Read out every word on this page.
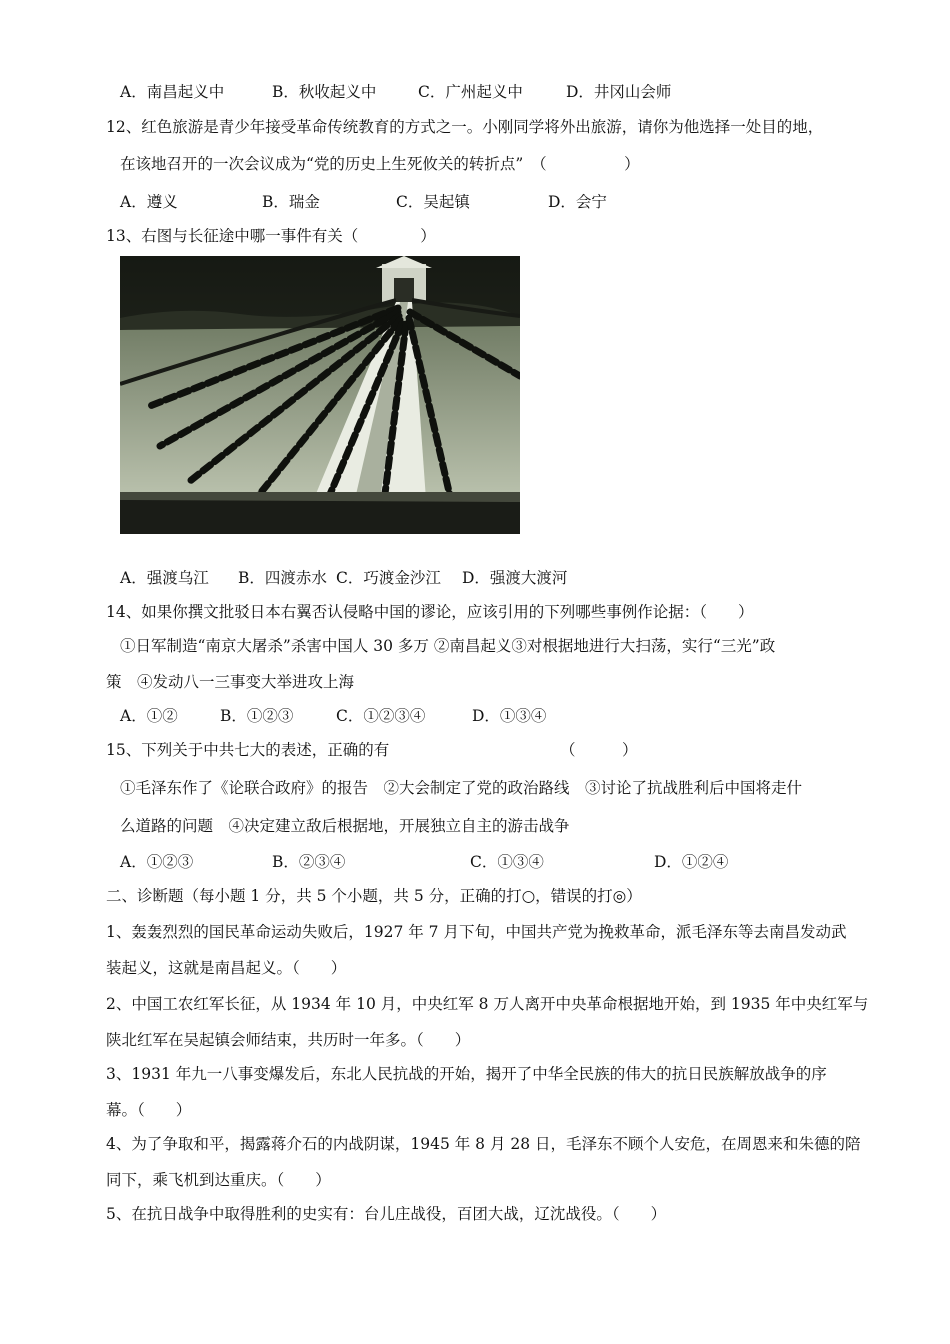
A．南昌起义中	B．秋收起义中	C．广州起义中	D．井冈山会师
12、红色旅游是青少年接受革命传统教育的方式之一。小刚同学将外出旅游，请你为他选择一处目的地，
在该地召开的一次会议成为“党的历史上生死攸关的转折点”　（　　　　　）
A．遵义	B．瑞金	C．吴起镇	D．会宁
13、右图与长征途中哪一事件有关（　　　　）
A．强渡乌江 B．四渡赤水 C．巧渡金沙江 D．强渡大渡河
14、如果你撰文批驳日本右翼否认侵略中国的谬论，应该引用的下列哪些事例作论据：（　　）
①日军制造“南京大屠杀”杀害中国人 30 多万 ②南昌起义③对根据地进行大扫荡，实行“三光”政
策　④发动八一三事变大举进攻上海
A．①②	B．①②③	C．①②③④	D．①③④
15、下列关于中共七大的表述，正确的有	（　　　）
①毛泽东作了《论联合政府》的报告　②大会制定了党的政治路线　③讨论了抗战胜利后中国将走什
么道路的问题　④决定建立敌后根据地，开展独立自主的游击战争
A．①②③	B．②③④	C．①③④	D．①②④
二、诊断题（每小题 1 分，共 5 个小题，共 5 分，正确的打○，错误的打◎）
1、轰轰烈烈的国民革命运动失败后，1927 年 7 月下旬，中国共产党为挽救革命，派毛泽东等去南昌发动武
装起义，这就是南昌起义。（　　）
2、中国工农红军长征，从 1934 年 10 月，中央红军 8 万人离开中央革命根据地开始，到 1935 年中央红军与
陕北红军在吴起镇会师结束，共历时一年多。（　　）
3、1931 年九一八事变爆发后，东北人民抗战的开始，揭开了中华全民族的伟大的抗日民族解放战争的序
幕。（　　）
4、为了争取和平，揭露蒋介石的内战阴谋，1945 年 8 月 28 日，毛泽东不顾个人安危，在周恩来和朱德的陪
同下，乘飞机到达重庆。（　　）
5、在抗日战争中取得胜利的史实有：台儿庄战役，百团大战，辽沈战役。（　　）
